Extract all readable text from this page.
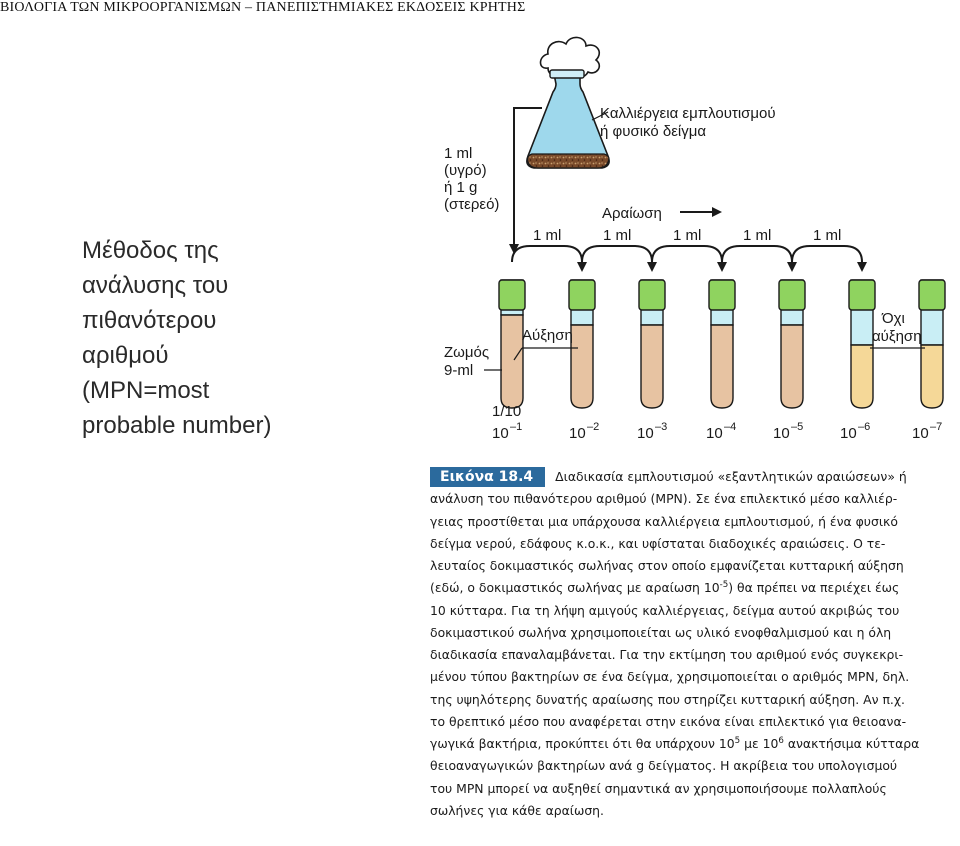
ΒΙΟΛΟΓΙΑ ΤΩΝ ΜΙΚΡΟΟΡΓΑΝΙΣΜΩΝ – ΠΑΝΕΠΙΣΤΗΜΙΑΚΕΣ ΕΚΔΟΣΕΙΣ ΚΡΗΤΗΣ
Μέθοδος της
ανάλυσης του
πιθανότερου
αριθμού
(MPN=most
probable number)
Καλλιέργεια εμπλουτισμού
ή φυσικό δείγμα
1 ml
(υγρό)
ή 1 g
(στερεό)
Αραίωση
1 ml	1 ml	1 ml	1 ml	1 ml
Αύξηση
Όχι
αύξηση
Ζωμός
9-ml
1/10
10 –1	10 –2	10 –3	10 –4 10 –5 10 –6	10 –7
Εικόνα 18.4 Διαδικασία εμπλουτισμού «εξαντλητικών αραιώσεων» ή
ανάλυση του πιθανότερου αριθμού (MPN). Σε ένα επιλεκτικό μέσο καλλιέρ-
γειας προστίθεται μια υπάρχουσα καλλιέργεια εμπλουτισμού, ή ένα φυσικό
δείγμα νερού, εδάφους κ.ο.κ., και υφίσταται διαδοχικές αραιώσεις. Ο τε-
λευταίος δοκιμαστικός σωλήνας στον οποίο εμφανίζεται κυτταρική αύξηση
(εδώ, ο δοκιμαστικός σωλήνας με αραίωση $10^{-5}$) θα πρέπει να περιέχει έως
10 κύτταρα. Για τη λήψη αμιγούς καλλιέργειας, δείγμα αυτού ακριβώς του
δοκιμαστικού σωλήνα χρησιμοποιείται ως υλικό ενοφθαλμισμού και η όλη
διαδικασία επαναλαμβάνεται. Για την εκτίμηση του αριθμού ενός συγκεκρι-
μένου τύπου βακτηρίων σε ένα δείγμα, χρησιμοποιείται ο αριθμός MPN, δηλ.
της υψηλότερης δυνατής αραίωσης που στηρίζει κυτταρική αύξηση. Αν π.χ.
το θρεπτικό μέσο που αναφέρεται στην εικόνα είναι επιλεκτικό για θειοανα-
γωγικά βακτήρια, προκύπτει ότι θα υπάρχουν $10^5$ με $10^6$ ανακτήσιμα κύτταρα
θειοαναγωγικών βακτηρίων ανά g δείγματος. Η ακρίβεια του υπολογισμού
του MPN μπορεί να αυξηθεί σημαντικά αν χρησιμοποιήσουμε πολλαπλούς
σωλήνες για κάθε αραίωση.
